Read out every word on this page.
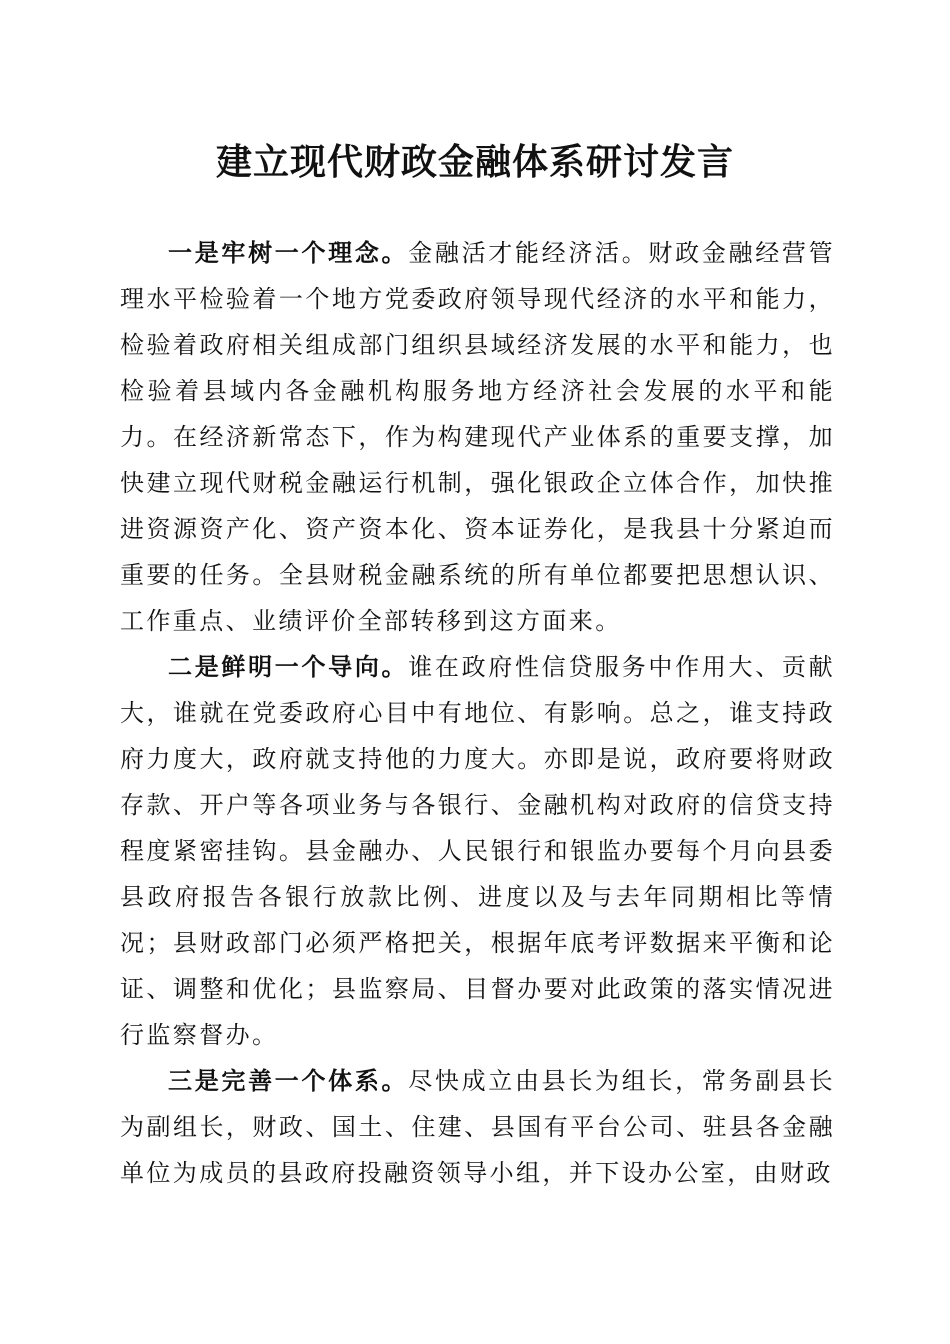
建立现代财政金融体系研讨发言

一是牢树一个理念。金融活才能经济活。财政金融经营管理水平检验着一个地方党委政府领导现代经济的水平和能力，检验着政府相关组成部门组织县域经济发展的水平和能力，也检验着县域内各金融机构服务地方经济社会发展的水平和能力。在经济新常态下，作为构建现代产业体系的重要支撑，加快建立现代财税金融运行机制，强化银政企立体合作，加快推进资源资产化、资产资本化、资本证券化，是我县十分紧迫而重要的任务。全县财税金融系统的所有单位都要把思想认识、工作重点、业绩评价全部转移到这方面来。

二是鲜明一个导向。谁在政府性信贷服务中作用大、贡献大，谁就在党委政府心目中有地位、有影响。总之，谁支持政府力度大，政府就支持他的力度大。亦即是说，政府要将财政存款、开户等各项业务与各银行、金融机构对政府的信贷支持程度紧密挂钩。县金融办、人民银行和银监办要每个月向县委县政府报告各银行放款比例、进度以及与去年同期相比等情况；县财政部门必须严格把关，根据年底考评数据来平衡和论证、调整和优化；县监察局、目督办要对此政策的落实情况进行监察督办。

三是完善一个体系。尽快成立由县长为组长，常务副县长为副组长，财政、国土、住建、县国有平台公司、驻县各金融单位为成员的县政府投融资领导小组，并下设办公室，由财政
